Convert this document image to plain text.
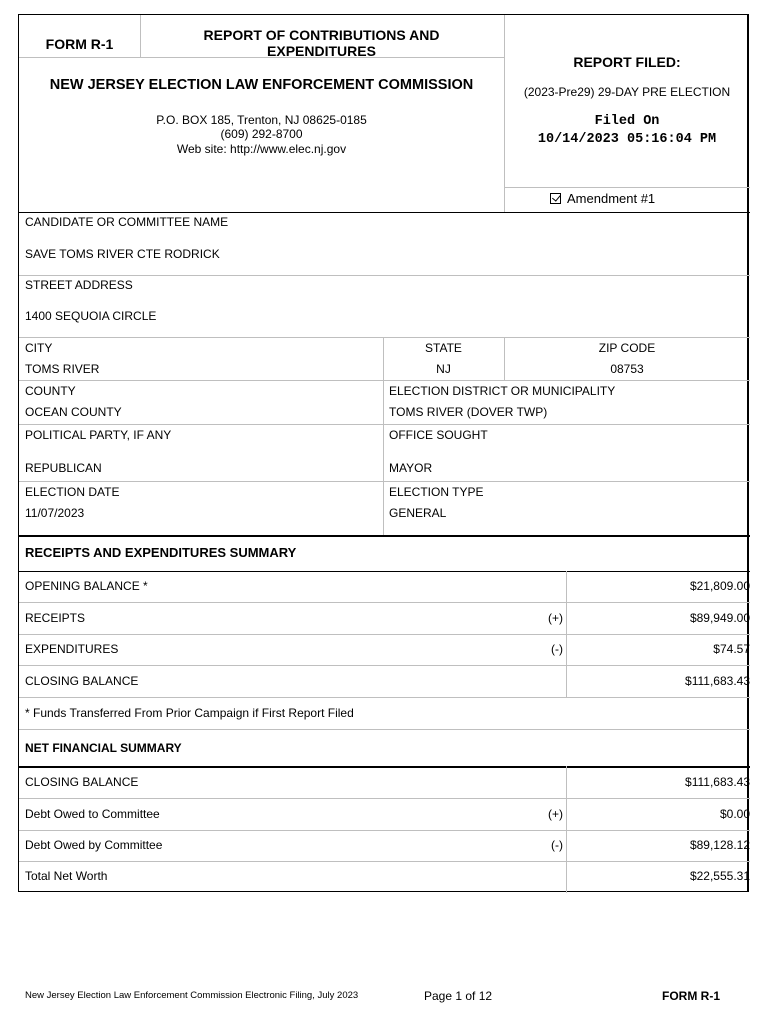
FORM R-1
REPORT OF CONTRIBUTIONS AND EXPENDITURES
NEW JERSEY ELECTION LAW ENFORCEMENT COMMISSION
P.O. BOX 185, Trenton, NJ 08625-0185
(609) 292-8700
Web site: http://www.elec.nj.gov
REPORT FILED:
(2023-Pre29) 29-DAY PRE ELECTION
Filed On
10/14/2023 05:16:04 PM
Amendment #1
CANDIDATE OR COMMITTEE NAME
SAVE TOMS RIVER CTE RODRICK
STREET ADDRESS
1400 SEQUOIA CIRCLE
CITY
TOMS RIVER
STATE
NJ
ZIP CODE
08753
COUNTY
OCEAN COUNTY
ELECTION DISTRICT OR MUNICIPALITY
TOMS RIVER (DOVER TWP)
POLITICAL PARTY, IF ANY
REPUBLICAN
OFFICE SOUGHT
MAYOR
ELECTION DATE
11/07/2023
ELECTION TYPE
GENERAL
RECEIPTS AND EXPENDITURES SUMMARY
OPENING BALANCE *	$21,809.00
RECEIPTS	(+)	$89,949.00
EXPENDITURES	(-)	$74.57
CLOSING BALANCE	$111,683.43
* Funds Transferred From Prior Campaign if First Report Filed
NET FINANCIAL SUMMARY
CLOSING BALANCE	$111,683.43
Debt Owed to Committee	(+)	$0.00
Debt Owed by Committee	(-)	$89,128.12
Total Net Worth	$22,555.31
New Jersey Election Law Enforcement Commission Electronic Filing, July 2023	Page 1 of 12	FORM R-1
